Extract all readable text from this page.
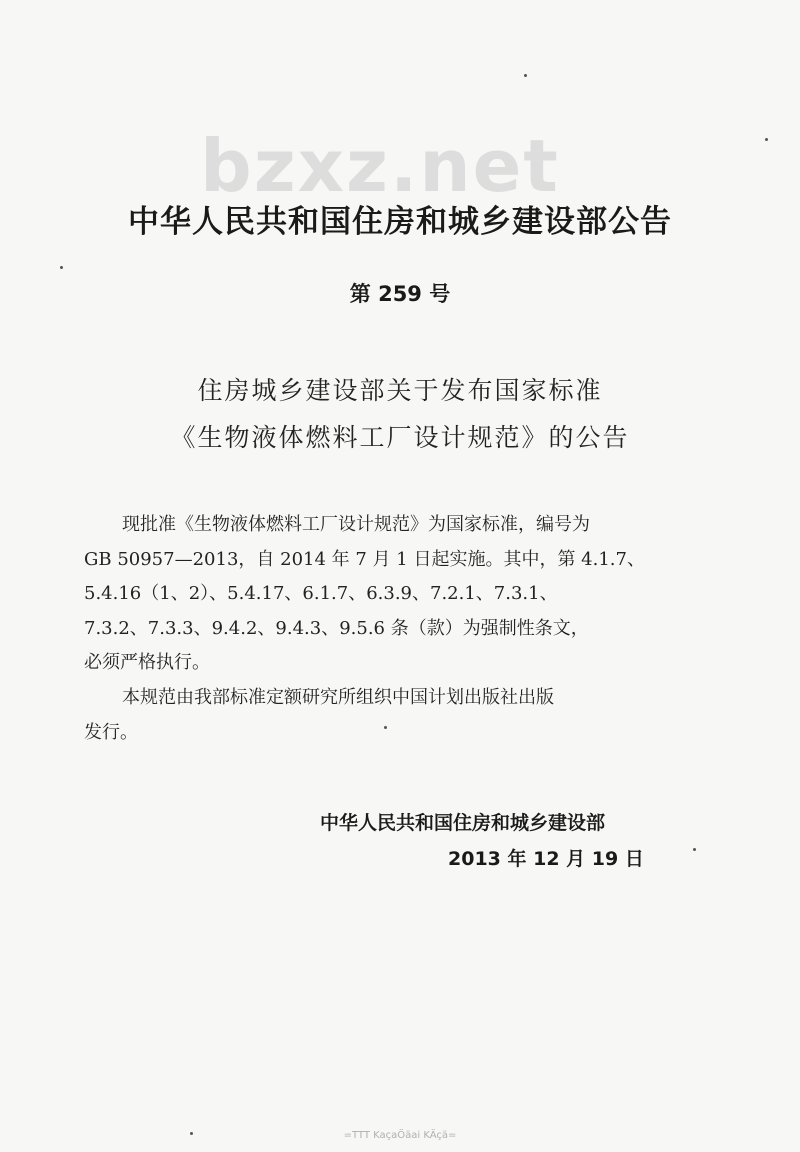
bzxz.net
中华人民共和国住房和城乡建设部公告
第 259 号
住房城乡建设部关于发布国家标准
《生物液体燃料工厂设计规范》的公告
现批准《生物液体燃料工厂设计规范》为国家标准，编号为
GB 50957—2013，自 2014 年 7 月 1 日起实施。其中，第 4.1.7、
5.4.16（1、2）、5.4.17、6.1.7、6.3.9、7.2.1、7.3.1、
7.3.2、7.3.3、9.4.2、9.4.3、9.5.6 条（款）为强制性条文，
必须严格执行。
本规范由我部标准定额研究所组织中国计划出版社出版
发行。
中华人民共和国住房和城乡建设部
2013 年 12 月 19 日
=TTT KaçaÖäai KÄçä=
